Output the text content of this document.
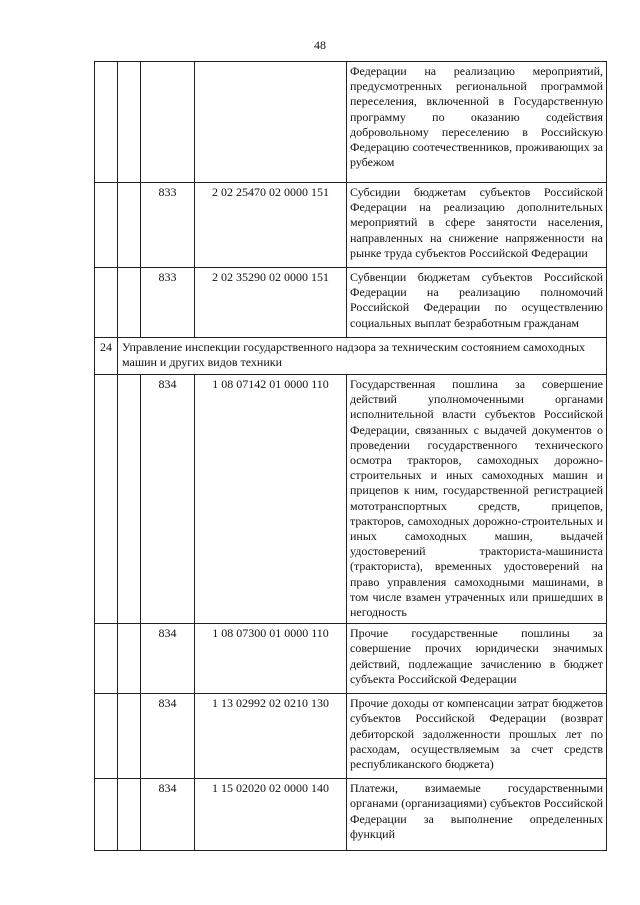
48

				Федерации на реализацию мероприятий, предусмотренных региональной программой переселения, включенной в Государственную программу по оказанию содействия добровольному переселению в Российскую Федерацию соотечественников, проживающих за рубежом

		833	2 02 25470 02 0000 151	Субсидии бюджетам субъектов Российской Федерации на реализацию дополнительных мероприятий в сфере занятости населения, направленных на снижение напряженности на рынке труда субъектов Российской Федерации

		833	2 02 35290 02 0000 151	Субвенции бюджетам субъектов Российской Федерации на реализацию полномочий Российской Федерации по осуществлению социальных выплат безработным гражданам

24	Управление инспекции государственного надзора за техническим состоянием самоходных машин и других видов техники			

		834	1 08 07142 01 0000 110	Государственная пошлина за совершение действий уполномоченными органами исполнительной власти субъектов Российской Федерации, связанных с выдачей документов о проведении государственного технического осмотра тракторов, самоходных дорожно-строительных и иных самоходных машин и прицепов к ним, государственной регистрацией мототранспортных средств, прицепов, тракторов, самоходных дорожно-строительных и иных самоходных машин, выдачей удостоверений тракториста-машиниста (тракториста), временных удостоверений на право управления самоходными машинами, в том числе взамен утраченных или пришедших в негодность

		834	1 08 07300 01 0000 110	Прочие государственные пошлины за совершение прочих юридически значимых действий, подлежащие зачислению в бюджет субъекта Российской Федерации

		834	1 13 02992 02 0210 130	Прочие доходы от компенсации затрат бюджетов субъектов Российской Федерации (возврат дебиторской задолженности прошлых лет по расходам, осуществляемым за счет средств республиканского бюджета)

		834	1 15 02020 02 0000 140	Платежи, взимаемые государственными органами (организациями) субъектов Российской Федерации за выполнение определенных функций
